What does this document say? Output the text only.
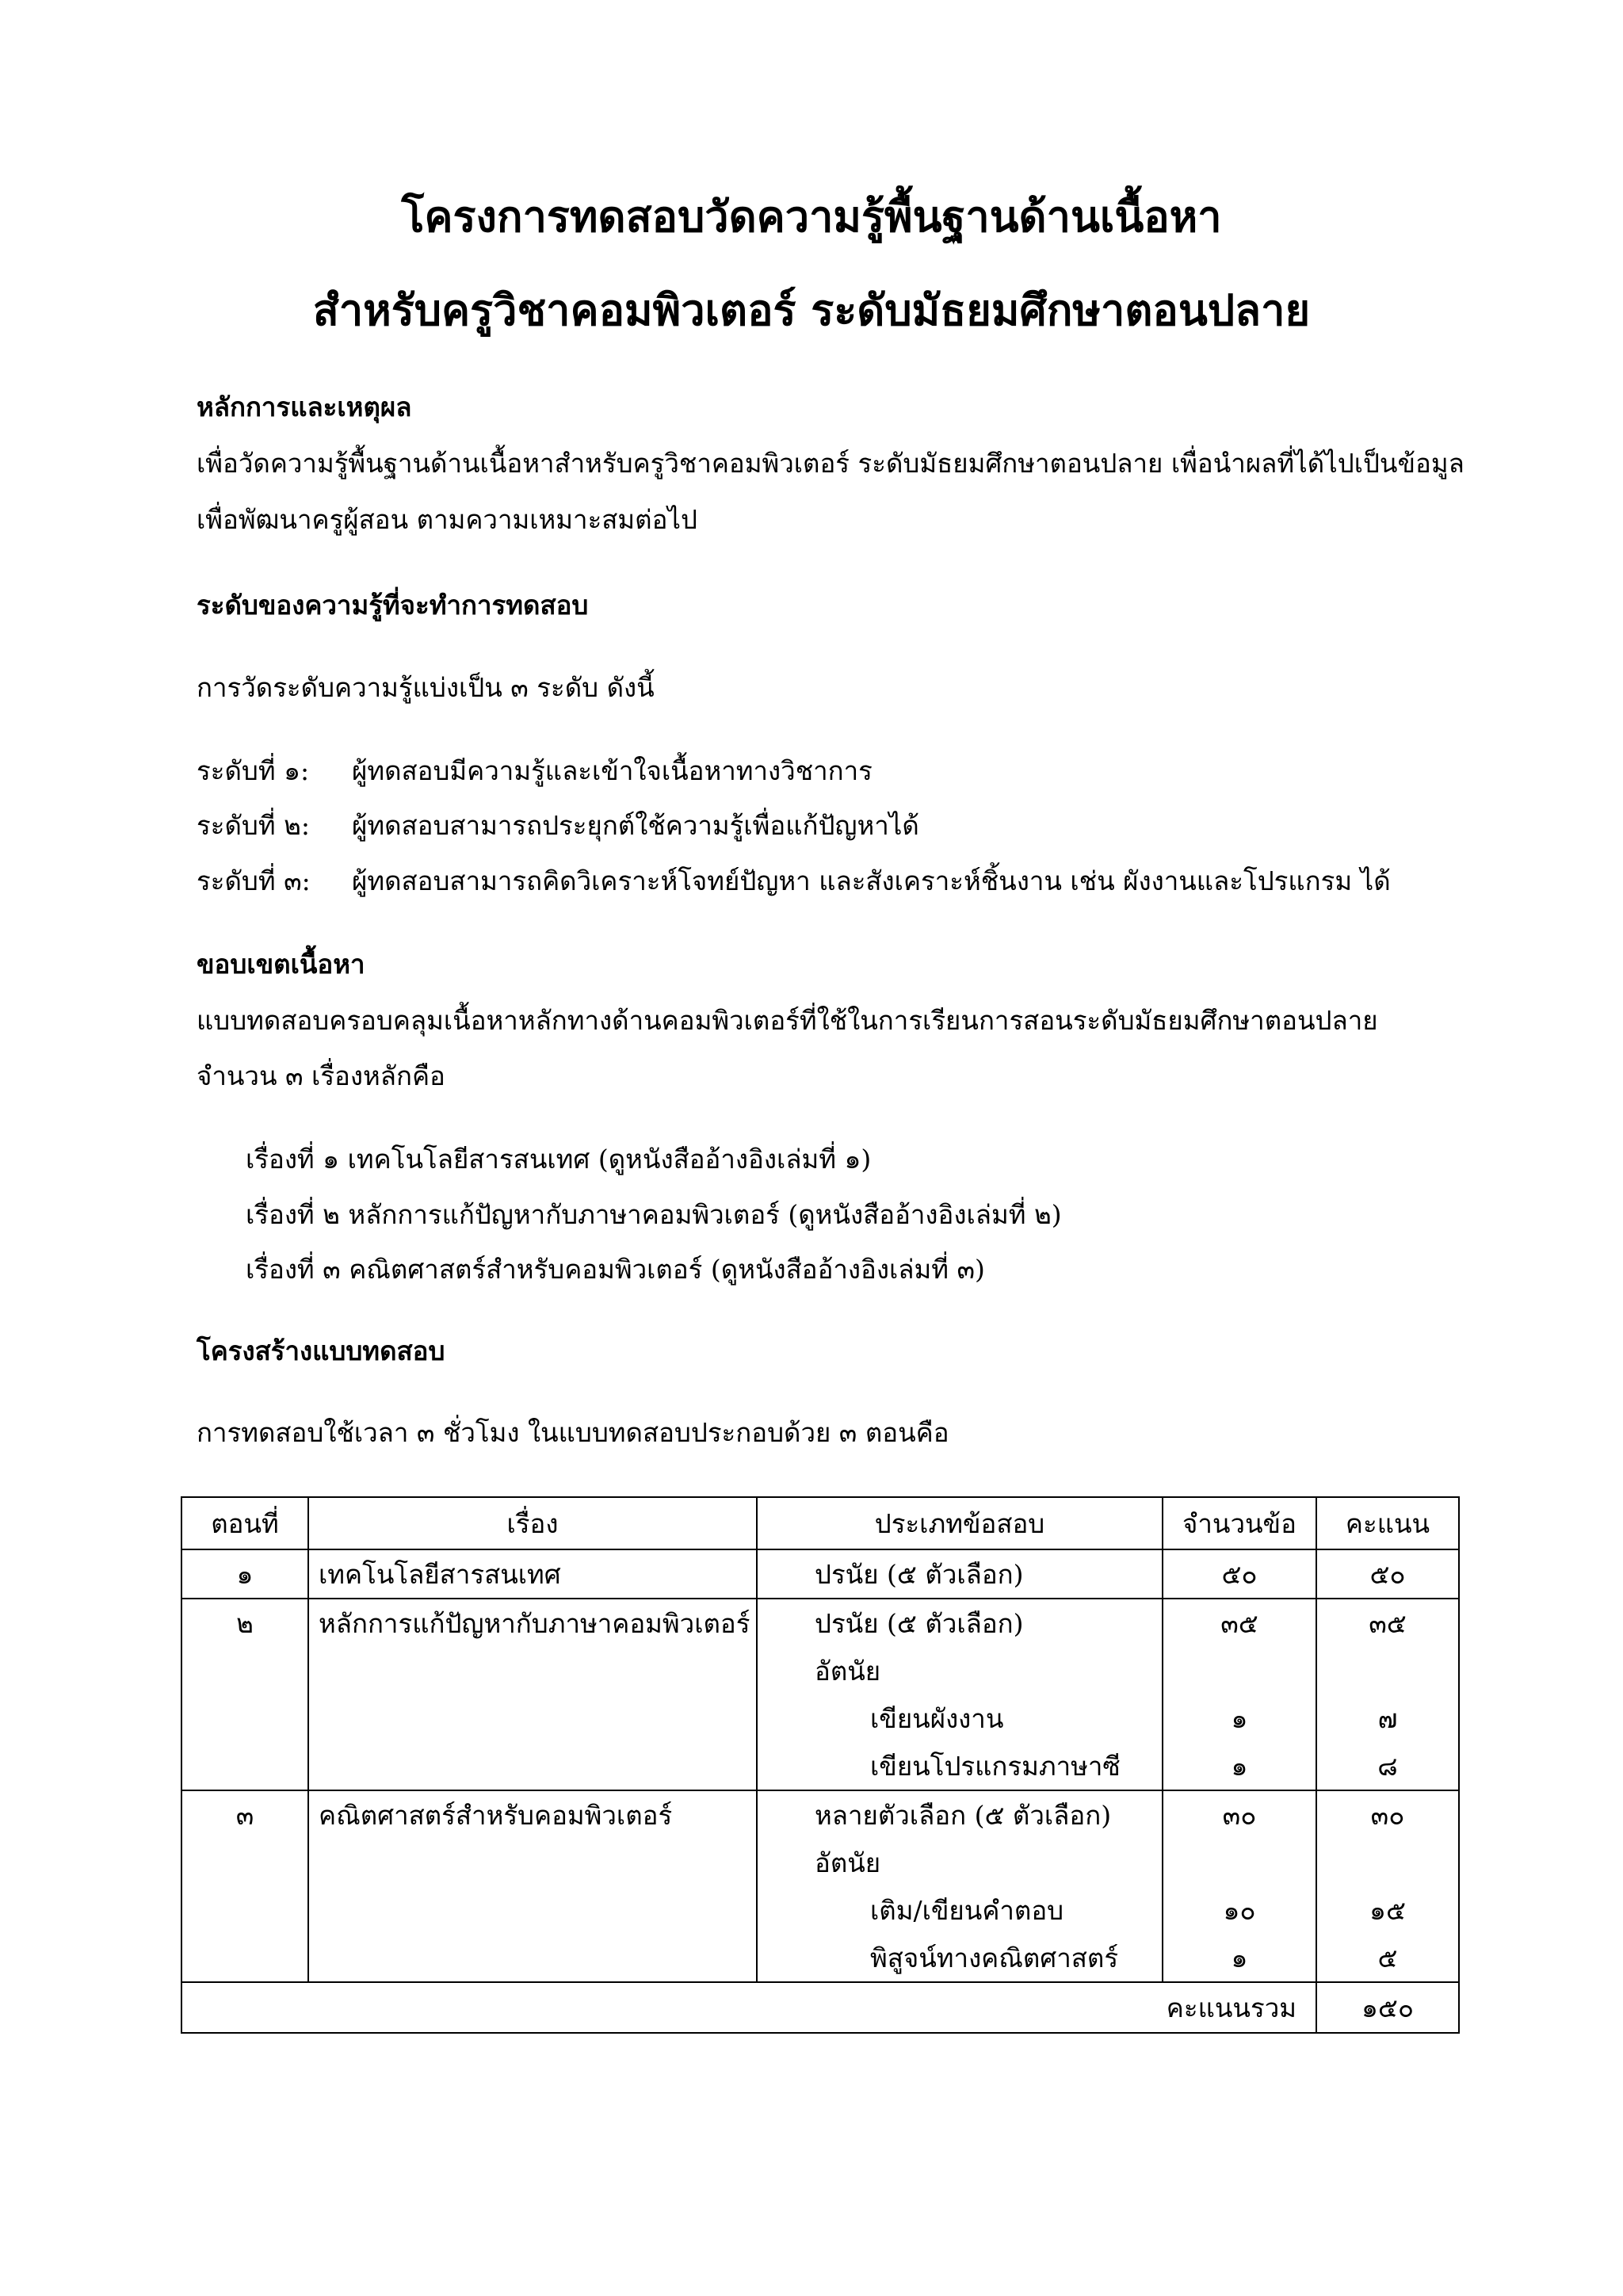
โครงการทดสอบวัดความรู้พื้นฐานด้านเนื้อหา
สำหรับครูวิชาคอมพิวเตอร์ ระดับมัธยมศึกษาตอนปลาย
หลักการและเหตุผล
เพื่อวัดความรู้พื้นฐานด้านเนื้อหาสำหรับครูวิชาคอมพิวเตอร์ ระดับมัธยมศึกษาตอนปลาย เพื่อนำผลที่ได้ไปเป็นข้อมูล
เพื่อพัฒนาครูผู้สอน ตามความเหมาะสมต่อไป
ระดับของความรู้ที่จะทำการทดสอบ
การวัดระดับความรู้แบ่งเป็น ๓ ระดับ ดังนี้
ระดับที่ ๑: ผู้ทดสอบมีความรู้และเข้าใจเนื้อหาทางวิชาการ
ระดับที่ ๒: ผู้ทดสอบสามารถประยุกต์ใช้ความรู้เพื่อแก้ปัญหาได้
ระดับที่ ๓: ผู้ทดสอบสามารถคิดวิเคราะห์โจทย์ปัญหา และสังเคราะห์ชิ้นงาน เช่น ผังงานและโปรแกรม ได้
ขอบเขตเนื้อหา
แบบทดสอบครอบคลุมเนื้อหาหลักทางด้านคอมพิวเตอร์ที่ใช้ในการเรียนการสอนระดับมัธยมศึกษาตอนปลาย
จำนวน ๓ เรื่องหลักคือ
เรื่องที่ ๑ เทคโนโลยีสารสนเทศ (ดูหนังสืออ้างอิงเล่มที่ ๑)
เรื่องที่ ๒ หลักการแก้ปัญหากับภาษาคอมพิวเตอร์ (ดูหนังสืออ้างอิงเล่มที่ ๒)
เรื่องที่ ๓ คณิตศาสตร์สำหรับคอมพิวเตอร์ (ดูหนังสืออ้างอิงเล่มที่ ๓)
โครงสร้างแบบทดสอบ
การทดสอบใช้เวลา ๓ ชั่วโมง ในแบบทดสอบประกอบด้วย ๓ ตอนคือ
ตอนที่	เรื่อง	ประเภทข้อสอบ	จำนวนข้อ	คะแนน
๑	เทคโนโลยีสารสนเทศ	ปรนัย (๕ ตัวเลือก)	๕๐	๕๐
๒	หลักการแก้ปัญหากับภาษาคอมพิวเตอร์	ปรนัย (๕ ตัวเลือก)	๓๕	๓๕
		อัตนัย		
		เขียนผังงาน	๑	๗
		เขียนโปรแกรมภาษาซี	๑	๘
๓	คณิตศาสตร์สำหรับคอมพิวเตอร์	หลายตัวเลือก (๕ ตัวเลือก)	๓๐	๓๐
		อัตนัย		
		เติม/เขียนคำตอบ	๑๐	๑๕
		พิสูจน์ทางคณิตศาสตร์	๑	๕
คะแนนรวม				๑๕๐
